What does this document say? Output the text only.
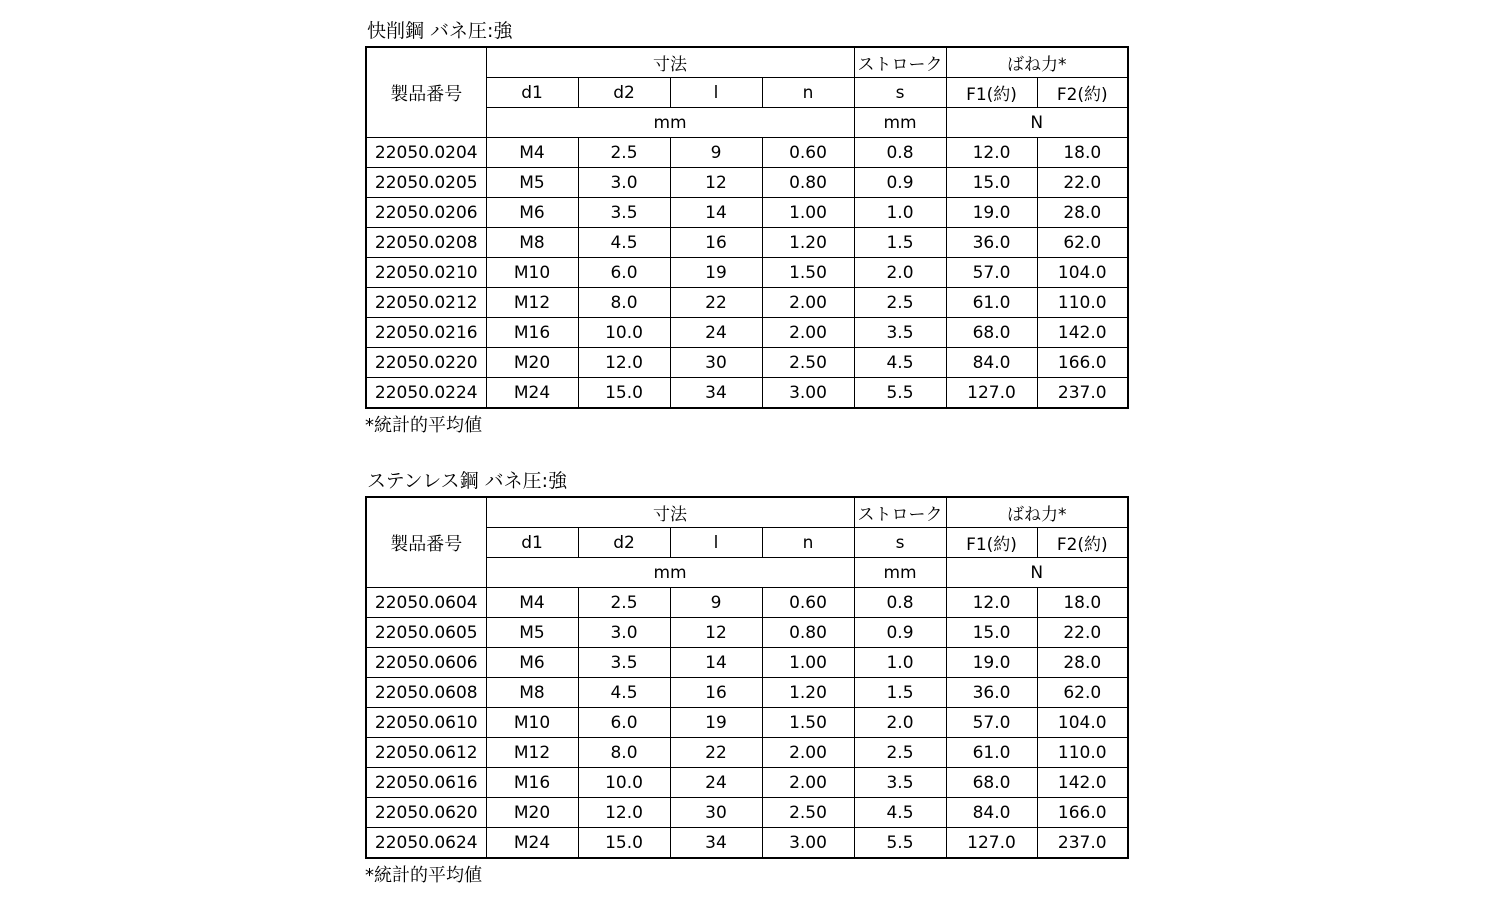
快削鋼 バネ圧:強
製品番号	寸法				ストローク	ばね力*	
	d1	d2	l	n	s	F1(約)	F2(約)
	mm				mm	N	
22050.0204	M4	2.5	9	0.60	0.8	12.0	18.0
22050.0205	M5	3.0	12	0.80	0.9	15.0	22.0
22050.0206	M6	3.5	14	1.00	1.0	19.0	28.0
22050.0208	M8	4.5	16	1.20	1.5	36.0	62.0
22050.0210	M10	6.0	19	1.50	2.0	57.0	104.0
22050.0212	M12	8.0	22	2.00	2.5	61.0	110.0
22050.0216	M16	10.0	24	2.00	3.5	68.0	142.0
22050.0220	M20	12.0	30	2.50	4.5	84.0	166.0
22050.0224	M24	15.0	34	3.00	5.5	127.0	237.0
*統計的平均値
ステンレス鋼 バネ圧:強
製品番号	寸法				ストローク	ばね力*	
	d1	d2	l	n	s	F1(約)	F2(約)
	mm				mm	N	
22050.0604	M4	2.5	9	0.60	0.8	12.0	18.0
22050.0605	M5	3.0	12	0.80	0.9	15.0	22.0
22050.0606	M6	3.5	14	1.00	1.0	19.0	28.0
22050.0608	M8	4.5	16	1.20	1.5	36.0	62.0
22050.0610	M10	6.0	19	1.50	2.0	57.0	104.0
22050.0612	M12	8.0	22	2.00	2.5	61.0	110.0
22050.0616	M16	10.0	24	2.00	3.5	68.0	142.0
22050.0620	M20	12.0	30	2.50	4.5	84.0	166.0
22050.0624	M24	15.0	34	3.00	5.5	127.0	237.0
*統計的平均値
